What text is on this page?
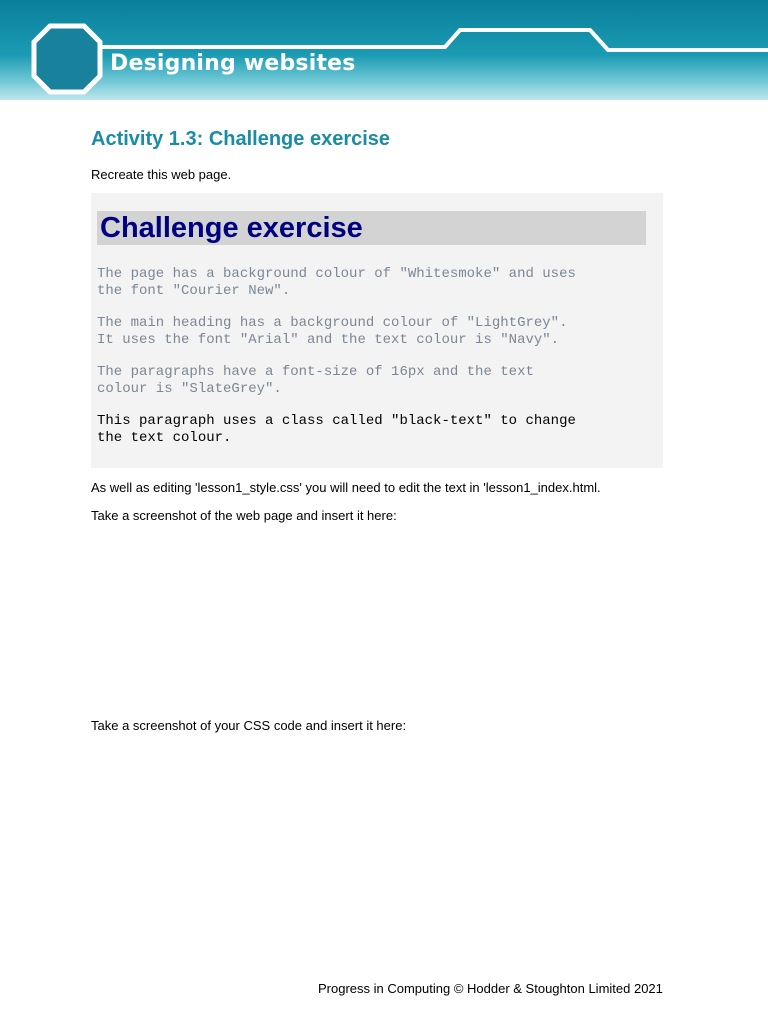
Designing websites
Activity 1.3: Challenge exercise
Recreate this web page.
Challenge exercise
The page has a background colour of "Whitesmoke" and uses
the font "Courier New".
The main heading has a background colour of "LightGrey".
It uses the font "Arial" and the text colour is "Navy".
The paragraphs have a font-size of 16px and the text
colour is "SlateGrey".
This paragraph uses a class called "black-text" to change
the text colour.
As well as editing 'lesson1_style.css' you will need to edit the text in 'lesson1_index.html.
Take a screenshot of the web page and insert it here:
Take a screenshot of your CSS code and insert it here:
Progress in Computing © Hodder & Stoughton Limited 2021
